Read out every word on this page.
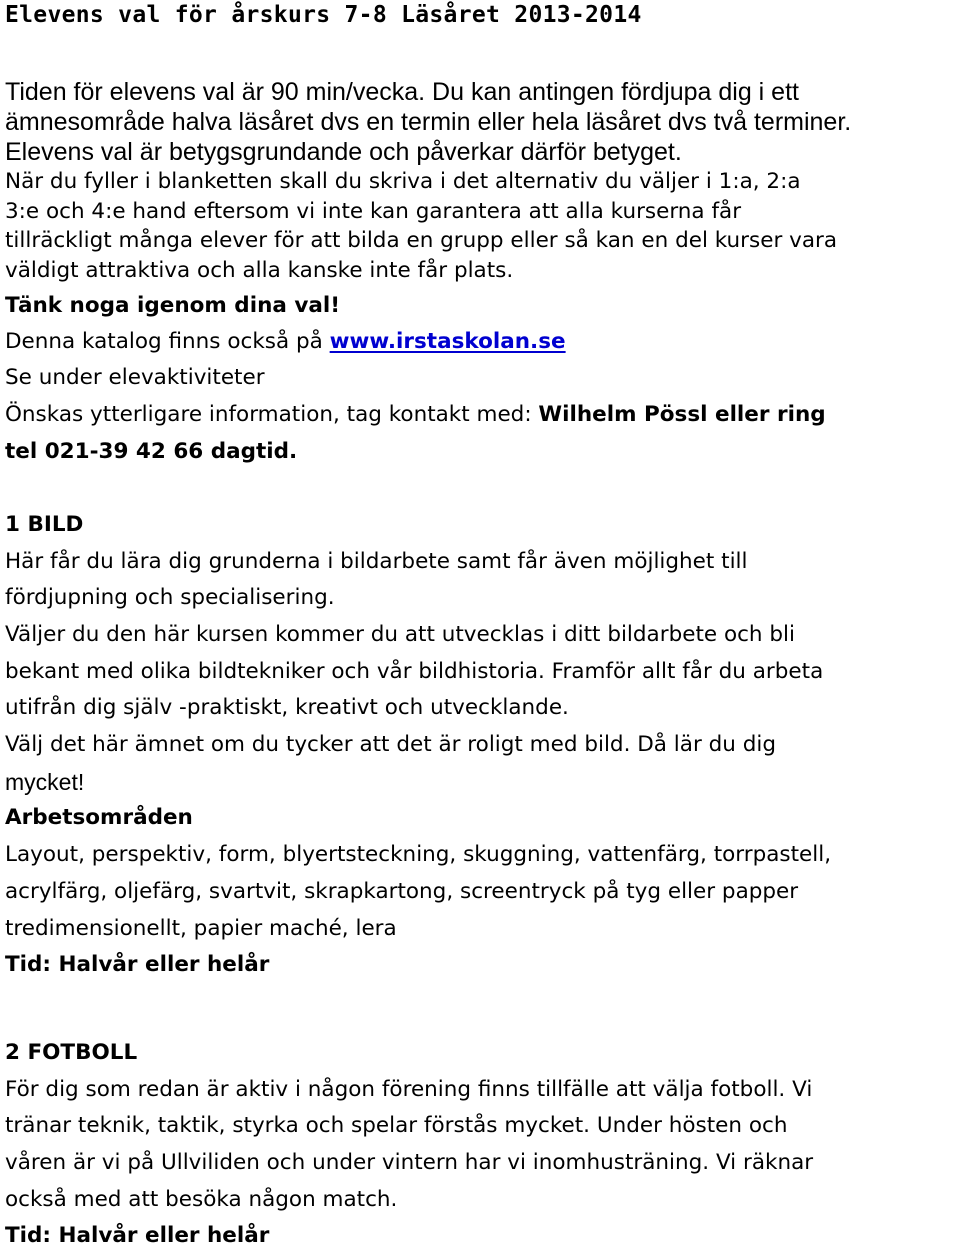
Elevens val för årskurs 7-8 Läsåret 2013-2014
Tiden för elevens val är 90 min/vecka. Du kan antingen fördjupa dig i ett
ämnesområde halva läsåret dvs en termin eller hela läsåret dvs två terminer.
Elevens val är betygsgrundande och påverkar därför betyget.
När du fyller i blanketten skall du skriva i det alternativ du väljer i 1:a, 2:a
3:e och 4:e hand eftersom vi inte kan garantera att alla kurserna får
tillräckligt många elever för att bilda en grupp eller så kan en del kurser vara
väldigt attraktiva och alla kanske inte får plats.
Tänk noga igenom dina val!
Denna katalog finns också på www.irstaskolan.se
Se under elevaktiviteter
Önskas ytterligare information, tag kontakt med: Wilhelm Pössl eller ring
tel 021-39 42 66 dagtid.
1 BILD
Här får du lära dig grunderna i bildarbete samt får även möjlighet till
fördjupning och specialisering.
Väljer du den här kursen kommer du att utvecklas i ditt bildarbete och bli
bekant med olika bildtekniker och vår bildhistoria. Framför allt får du arbeta
utifrån dig själv -praktiskt, kreativt och utvecklande.
Välj det här ämnet om du tycker att det är roligt med bild. Då lär du dig
mycket!
Arbetsområden
Layout, perspektiv, form, blyertsteckning, skuggning, vattenfärg, torrpastell,
acrylfärg, oljefärg, svartvit, skrapkartong, screentryck på tyg eller papper
tredimensionellt, papier maché, lera
Tid: Halvår eller helår
2 FOTBOLL
För dig som redan är aktiv i någon förening finns tillfälle att välja fotboll. Vi
tränar teknik, taktik, styrka och spelar förstås mycket. Under hösten och
våren är vi på Ullviliden och under vintern har vi inomhusträning. Vi räknar
också med att besöka någon match.
Tid: Halvår eller helår
